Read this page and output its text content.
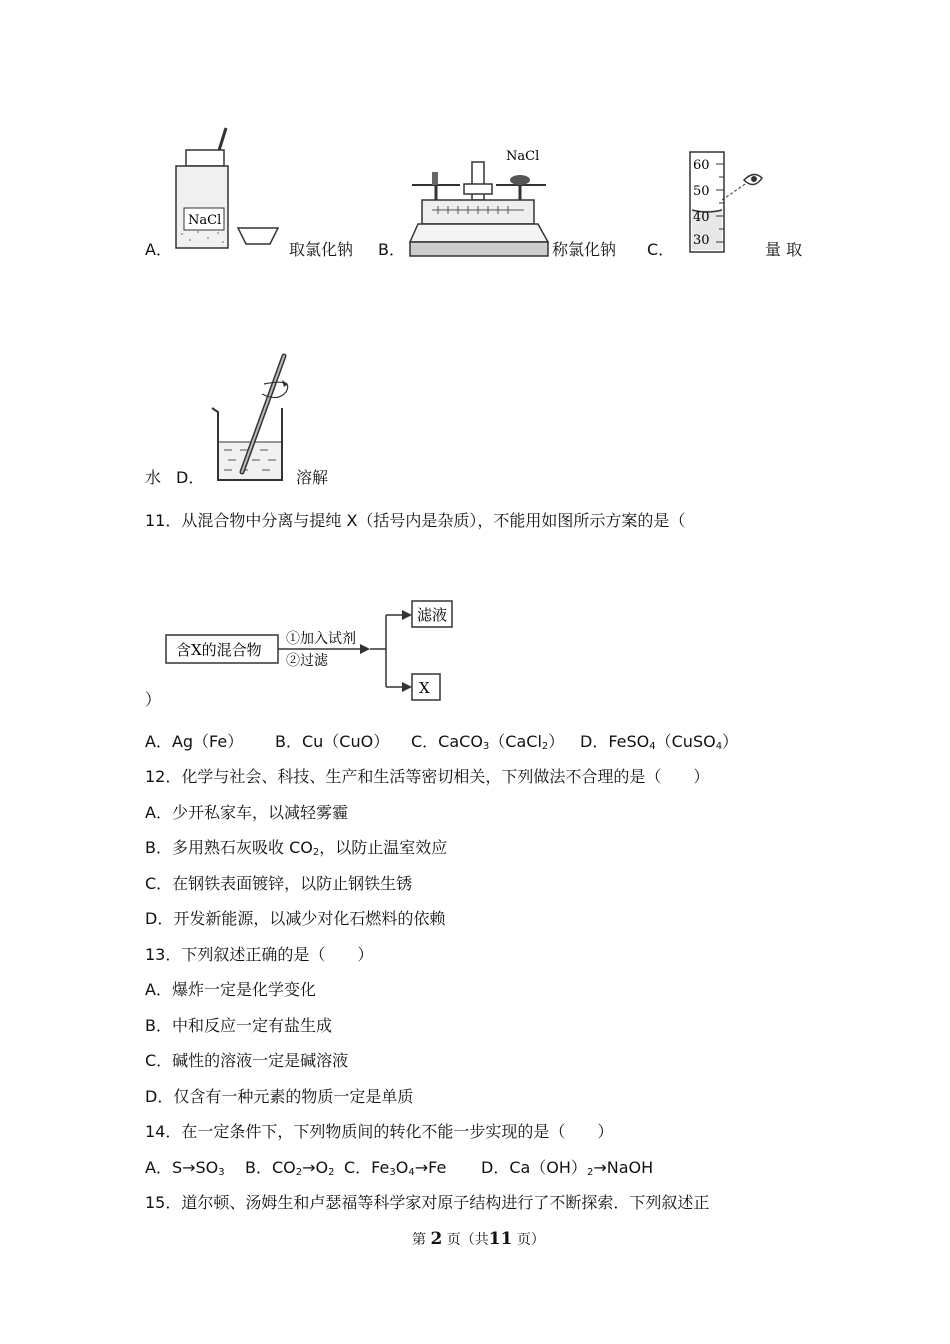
A．
NaCl
取氯化钠 B．
NaCl
称氯化钠 C．
60
50
40
30	量 取
水 D．	溶解
11．从混合物中分离与提纯 X（括号内是杂质），不能用如图所示方案的是（
含X的混合物
①加入试剂
②过滤
滤液
X
）
A．Ag（Fe） B．Cu（CuO） C．CaCO$_3$（CaCl$_2$） D．FeSO$_4$（CuSO$_4$）
12．化学与社会、科技、生产和生活等密切相关，下列做法不合理的是（　　）
A．少开私家车，以减轻雾霾
B．多用熟石灰吸收 $CO_2$，以防止温室效应
C．在钢铁表面镀锌，以防止钢铁生锈
D．开发新能源，以减少对化石燃料的依赖
13．下列叙述正确的是（　　）
A．爆炸一定是化学变化
B．中和反应一定有盐生成
C．碱性的溶液一定是碱溶液
D．仅含有一种元素的物质一定是单质
14．在一定条件下，下列物质间的转化不能一步实现的是（　　）
A．$S\to SO_3$ B．$CO_2\to O_2$ C．$Fe_3O_4\to Fe$ D．$Ca(OH)_2\to NaOH$
15．道尔顿、汤姆生和卢瑟福等科学家对原子结构进行了不断探索．下列叙述正
第 2 页（共11 页）
